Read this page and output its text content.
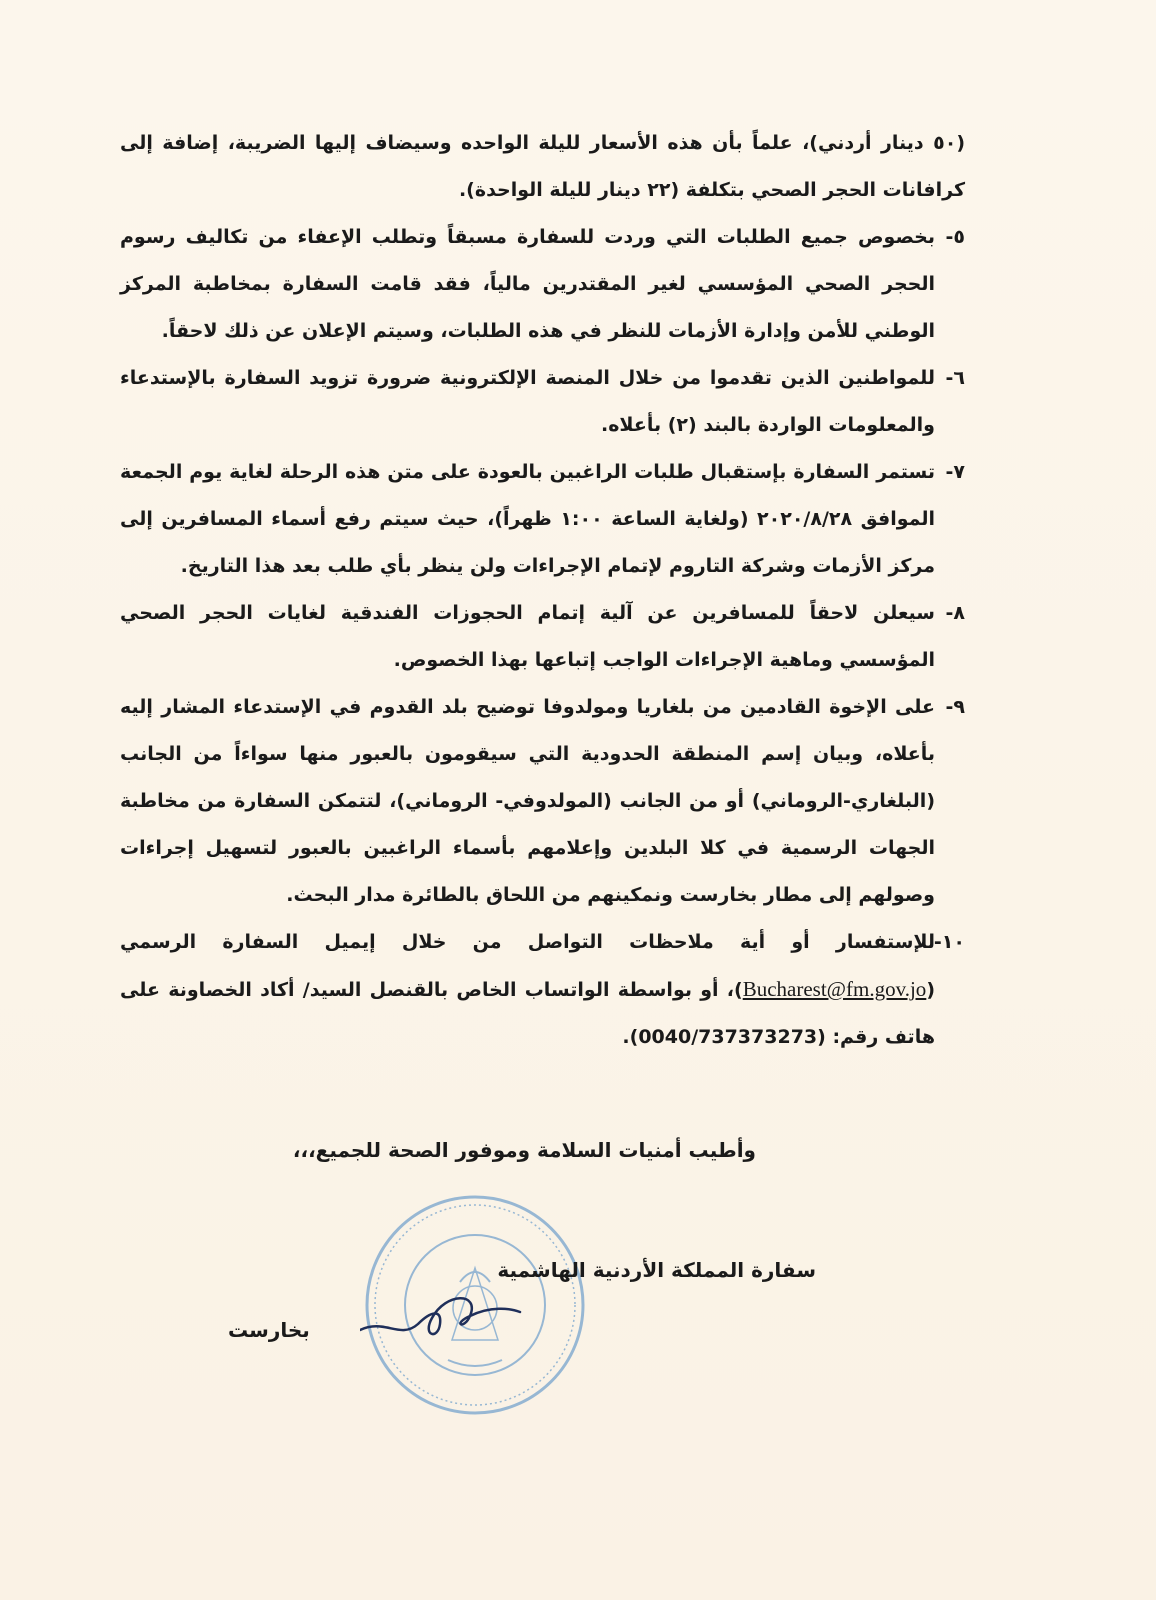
(٥٠ دينار أردني)، علماً بأن هذه الأسعار لليلة الواحده وسيضاف إليها الضريبة، إضافة إلى كرافانات الحجر الصحي بتكلفة (٢٢ دينار لليلة الواحدة).

٥-
بخصوص جميع الطلبات التي وردت للسفارة مسبقاً وتطلب الإعفاء من تكاليف رسوم الحجر الصحي المؤسسي لغير المقتدرين مالياً، فقد قامت السفارة بمخاطبة المركز الوطني للأمن وإدارة الأزمات للنظر في هذه الطلبات، وسيتم الإعلان عن ذلك لاحقاً.
٦-
للمواطنين الذين تقدموا من خلال المنصة الإلكترونية ضرورة تزويد السفارة بالإستدعاء والمعلومات الواردة بالبند (٢) بأعلاه.
٧-
تستمر السفارة بإستقبال طلبات الراغبين بالعودة على متن هذه الرحلة لغاية يوم الجمعة الموافق ٢٠٢٠/٨/٢٨ (ولغاية الساعة ١:٠٠ ظهراً)، حيث سيتم رفع أسماء المسافرين إلى مركز الأزمات وشركة التاروم لإتمام الإجراءات ولن ينظر بأي طلب بعد هذا التاريخ.
٨-
سيعلن لاحقاً للمسافرين عن آلية إتمام الحجوزات الفندقية لغايات الحجر الصحي المؤسسي وماهية الإجراءات الواجب إتباعها بهذا الخصوص.
٩-
على الإخوة القادمين من بلغاريا ومولدوفا توضيح بلد القدوم في الإستدعاء المشار إليه بأعلاه، وبيان إسم المنطقة الحدودية التي سيقومون بالعبور منها سواءاً من الجانب (البلغاري-الروماني) أو من الجانب (المولدوفي- الروماني)، لتتمكن السفارة من مخاطبة الجهات الرسمية في كلا البلدين وإعلامهم بأسماء الراغبين بالعبور لتسهيل إجراءات وصولهم إلى مطار بخارست ونمكينهم من اللحاق بالطائرة مدار البحث.
١٠-
للإستفسار أو أية ملاحظات التواصل من خلال إيميل السفارة الرسمي (Bucharest@fm.gov.jo)، أو بواسطة الواتساب الخاص بالقنصل السيد/ أكاد الخصاونة على هاتف رقم: (0040/737373273).
وأطيب أمنيات السلامة وموفور الصحة للجميع،،،
سفارة المملكة الأردنية الهاشمية
بخارست
